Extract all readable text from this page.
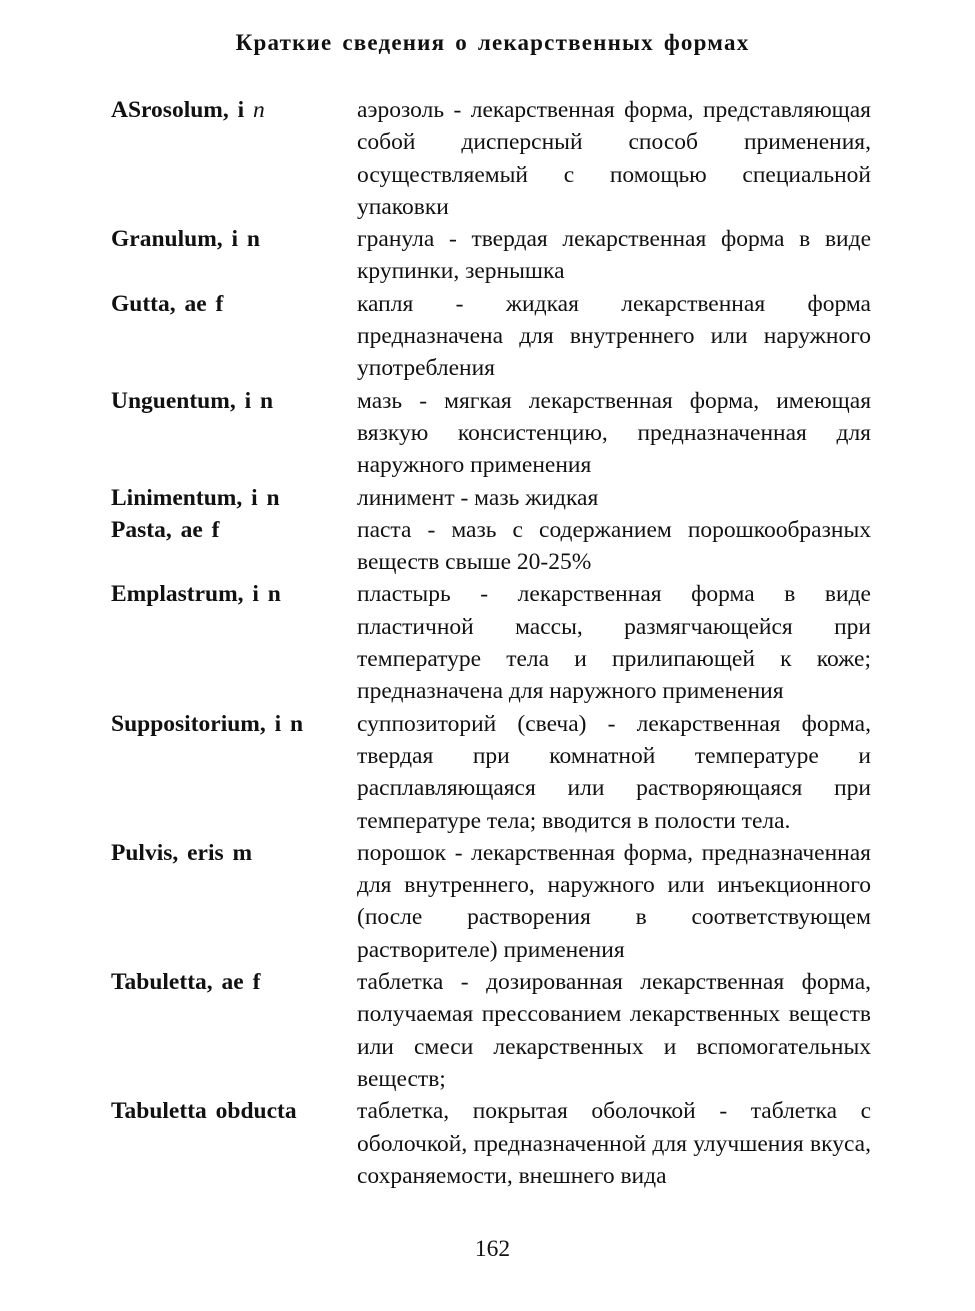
Краткие сведения о лекарственных формах
ASrosolum, i n	аэрозоль - лекарственная форма, представляющая собой дисперсный способ применения, осуществляемый с помощью специальной упаковки
Granulum, i n	гранула - твердая лекарственная форма в виде крупинки, зернышка
Gutta, ae f	капля - жидкая лекарственная форма предназначена для внутреннего или наружного употребления
Unguentum, i n	мазь - мягкая лекарственная форма, имеющая вязкую консистенцию, предназначенная для наружного применения
Linimentum, i n	линимент - мазь жидкая
Pasta, ae f	паста - мазь с содержанием порошкообразных веществ свыше 20-25%
Emplastrum, i n	пластырь - лекарственная форма в виде пластичной массы, размягчающейся при температуре тела и прилипающей к коже; предназначена для наружного применения
Suppositorium, i n	суппозиторий (свеча) - лекарственная форма, твердая при комнатной температуре и расплавляющаяся или растворяющаяся при температуре тела; вводится в полости тела.
Pulvis, eris m	порошок - лекарственная форма, предназначенная для внутреннего, наружного или инъекционного (после растворения в соответствующем растворителе) применения
Tabuletta, ae f	таблетка - дозированная лекарственная форма, получаемая прессованием лекарственных веществ или смеси лекарственных и вспомогательных веществ;
Tabuletta obducta	таблетка, покрытая оболочкой - таблетка с оболочкой, предназначенной для улучшения вкуса, сохраняемости, внешнего вида
162
